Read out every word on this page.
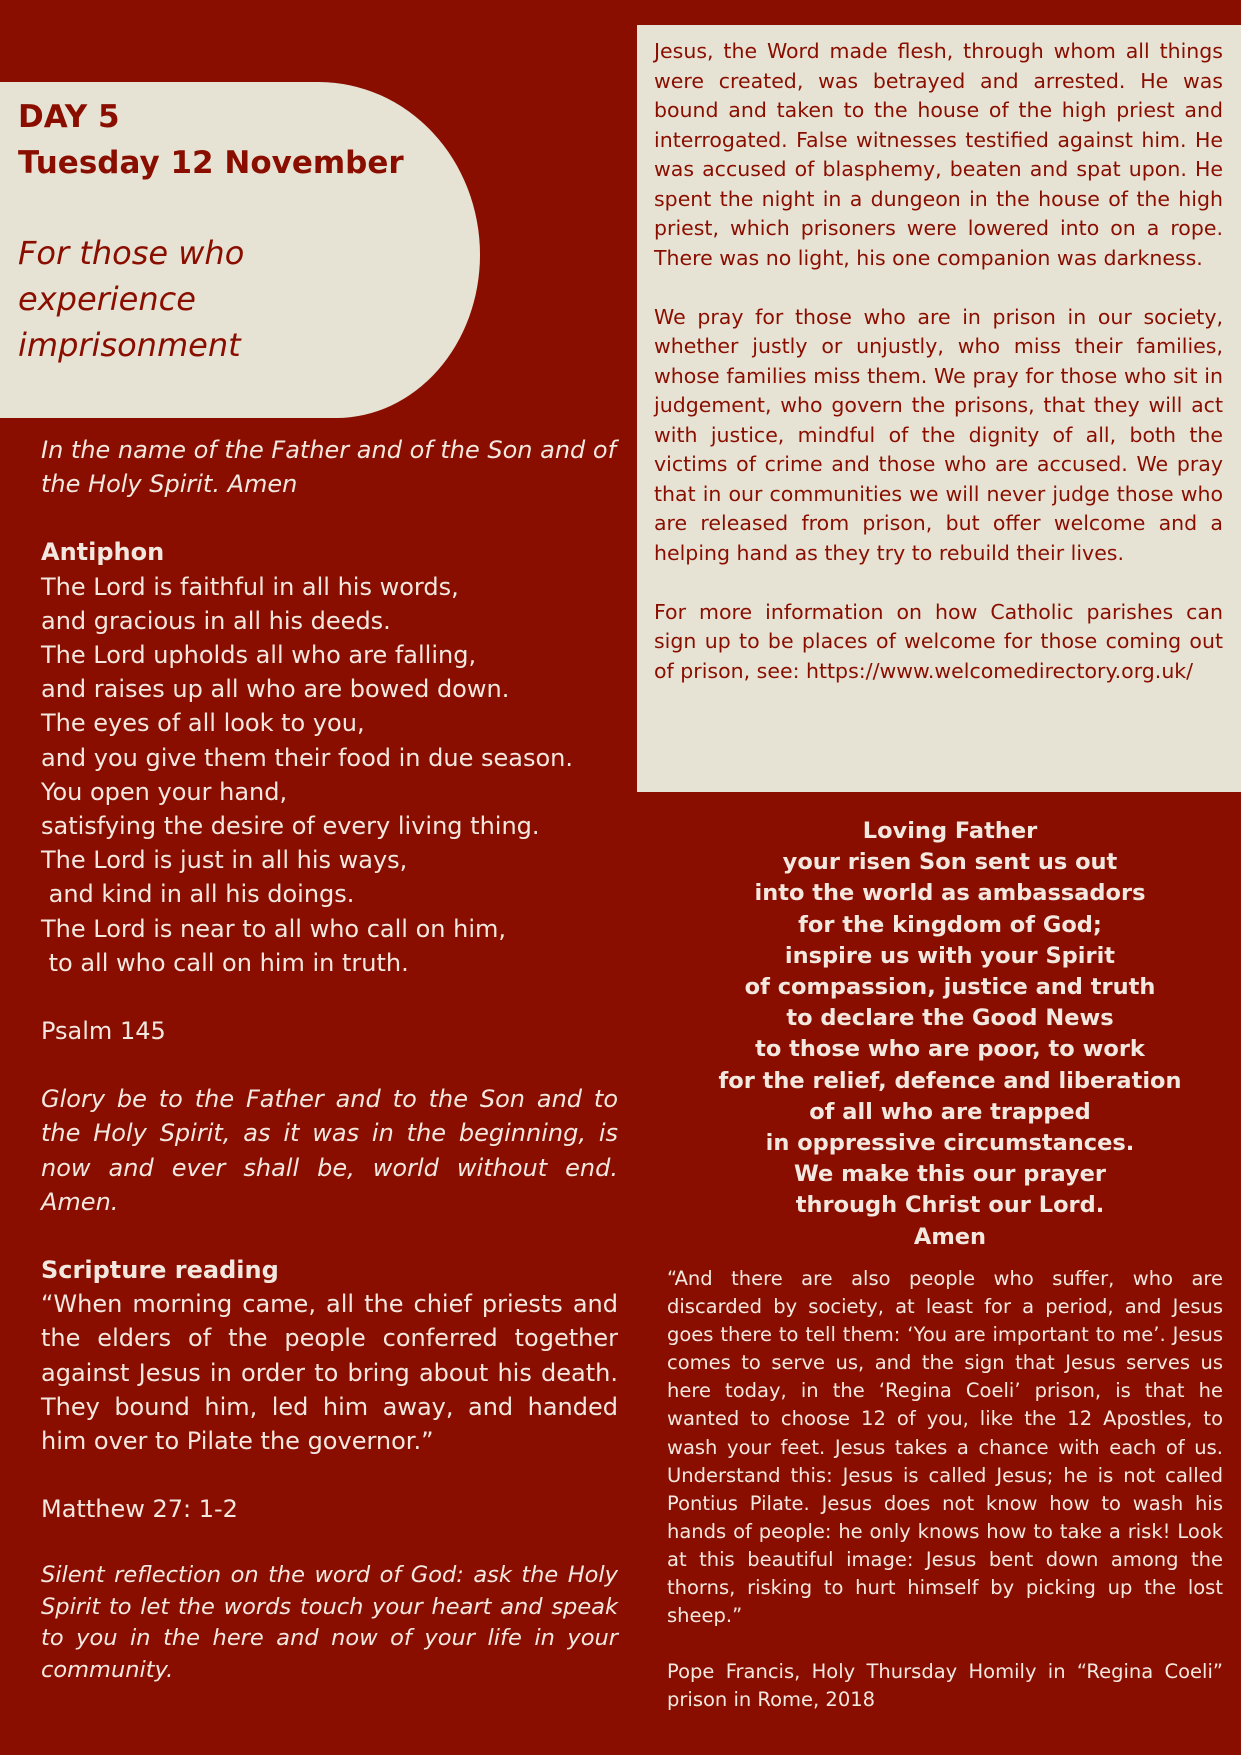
DAY 5

Tuesday 12 November

For those who
experience
imprisonment

In the name of the Father and of the Son and of the Holy Spirit. Amen

Antiphon

The Lord is faithful in all his words,
and gracious in all his deeds.
The Lord upholds all who are falling,
and raises up all who are bowed down.
The eyes of all look to you,
and you give them their food in due season.
You open your hand,
satisfying the desire of every living thing.
The Lord is just in all his ways,
and kind in all his doings.
The Lord is near to all who call on him,
to all who call on him in truth.

Psalm 145

Glory be to the Father and to the Son and to the Holy Spirit, as it was in the beginning, is now and ever shall be, world without end. Amen.

Scripture reading

“When morning came, all the chief priests and the elders of the people conferred together against Jesus in order to bring about his death. They bound him, led him away, and handed him over to Pilate the governor.”

Matthew 27: 1-2

Silent reflection on the word of God: ask the Holy Spirit to let the words touch your heart and speak to you in the here and now of your life in your community.

Jesus, the Word made flesh, through whom all things were created, was betrayed and arrested. He was bound and taken to the house of the high priest and interrogated. False witnesses testified against him. He was accused of blasphemy, beaten and spat upon. He spent the night in a dungeon in the house of the high priest, which prisoners were lowered into on a rope. There was no light, his one companion was darkness.

We pray for those who are in prison in our society, whether justly or unjustly, who miss their families, whose families miss them. We pray for those who sit in judgement, who govern the prisons, that they will act with justice, mindful of the dignity of all, both the victims of crime and those who are accused. We pray that in our communities we will never judge those who are released from prison, but offer welcome and a helping hand as they try to rebuild their lives.

For more information on how Catholic parishes can sign up to be places of welcome for those coming out of prison, see: https://www.welcomedirectory.org.uk/

Loving Father
your risen Son sent us out
into the world as ambassadors
for the kingdom of God;
inspire us with your Spirit
of compassion, justice and truth
to declare the Good News
to those who are poor, to work
for the relief, defence and liberation
of all who are trapped
in oppressive circumstances.
We make this our prayer
through Christ our Lord.
Amen

“And there are also people who suffer, who are discarded by society, at least for a period, and Jesus goes there to tell them: ‘You are important to me’. Jesus comes to serve us, and the sign that Jesus serves us here today, in the ‘Regina Coeli’ prison, is that he wanted to choose 12 of you, like the 12 Apostles, to wash your feet. Jesus takes a chance with each of us. Understand this: Jesus is called Jesus; he is not called Pontius Pilate. Jesus does not know how to wash his hands of people: he only knows how to take a risk! Look at this beautiful image: Jesus bent down among the thorns, risking to hurt himself by picking up the lost sheep.”

Pope Francis, Holy Thursday Homily in “Regina Coeli” prison in Rome, 2018
